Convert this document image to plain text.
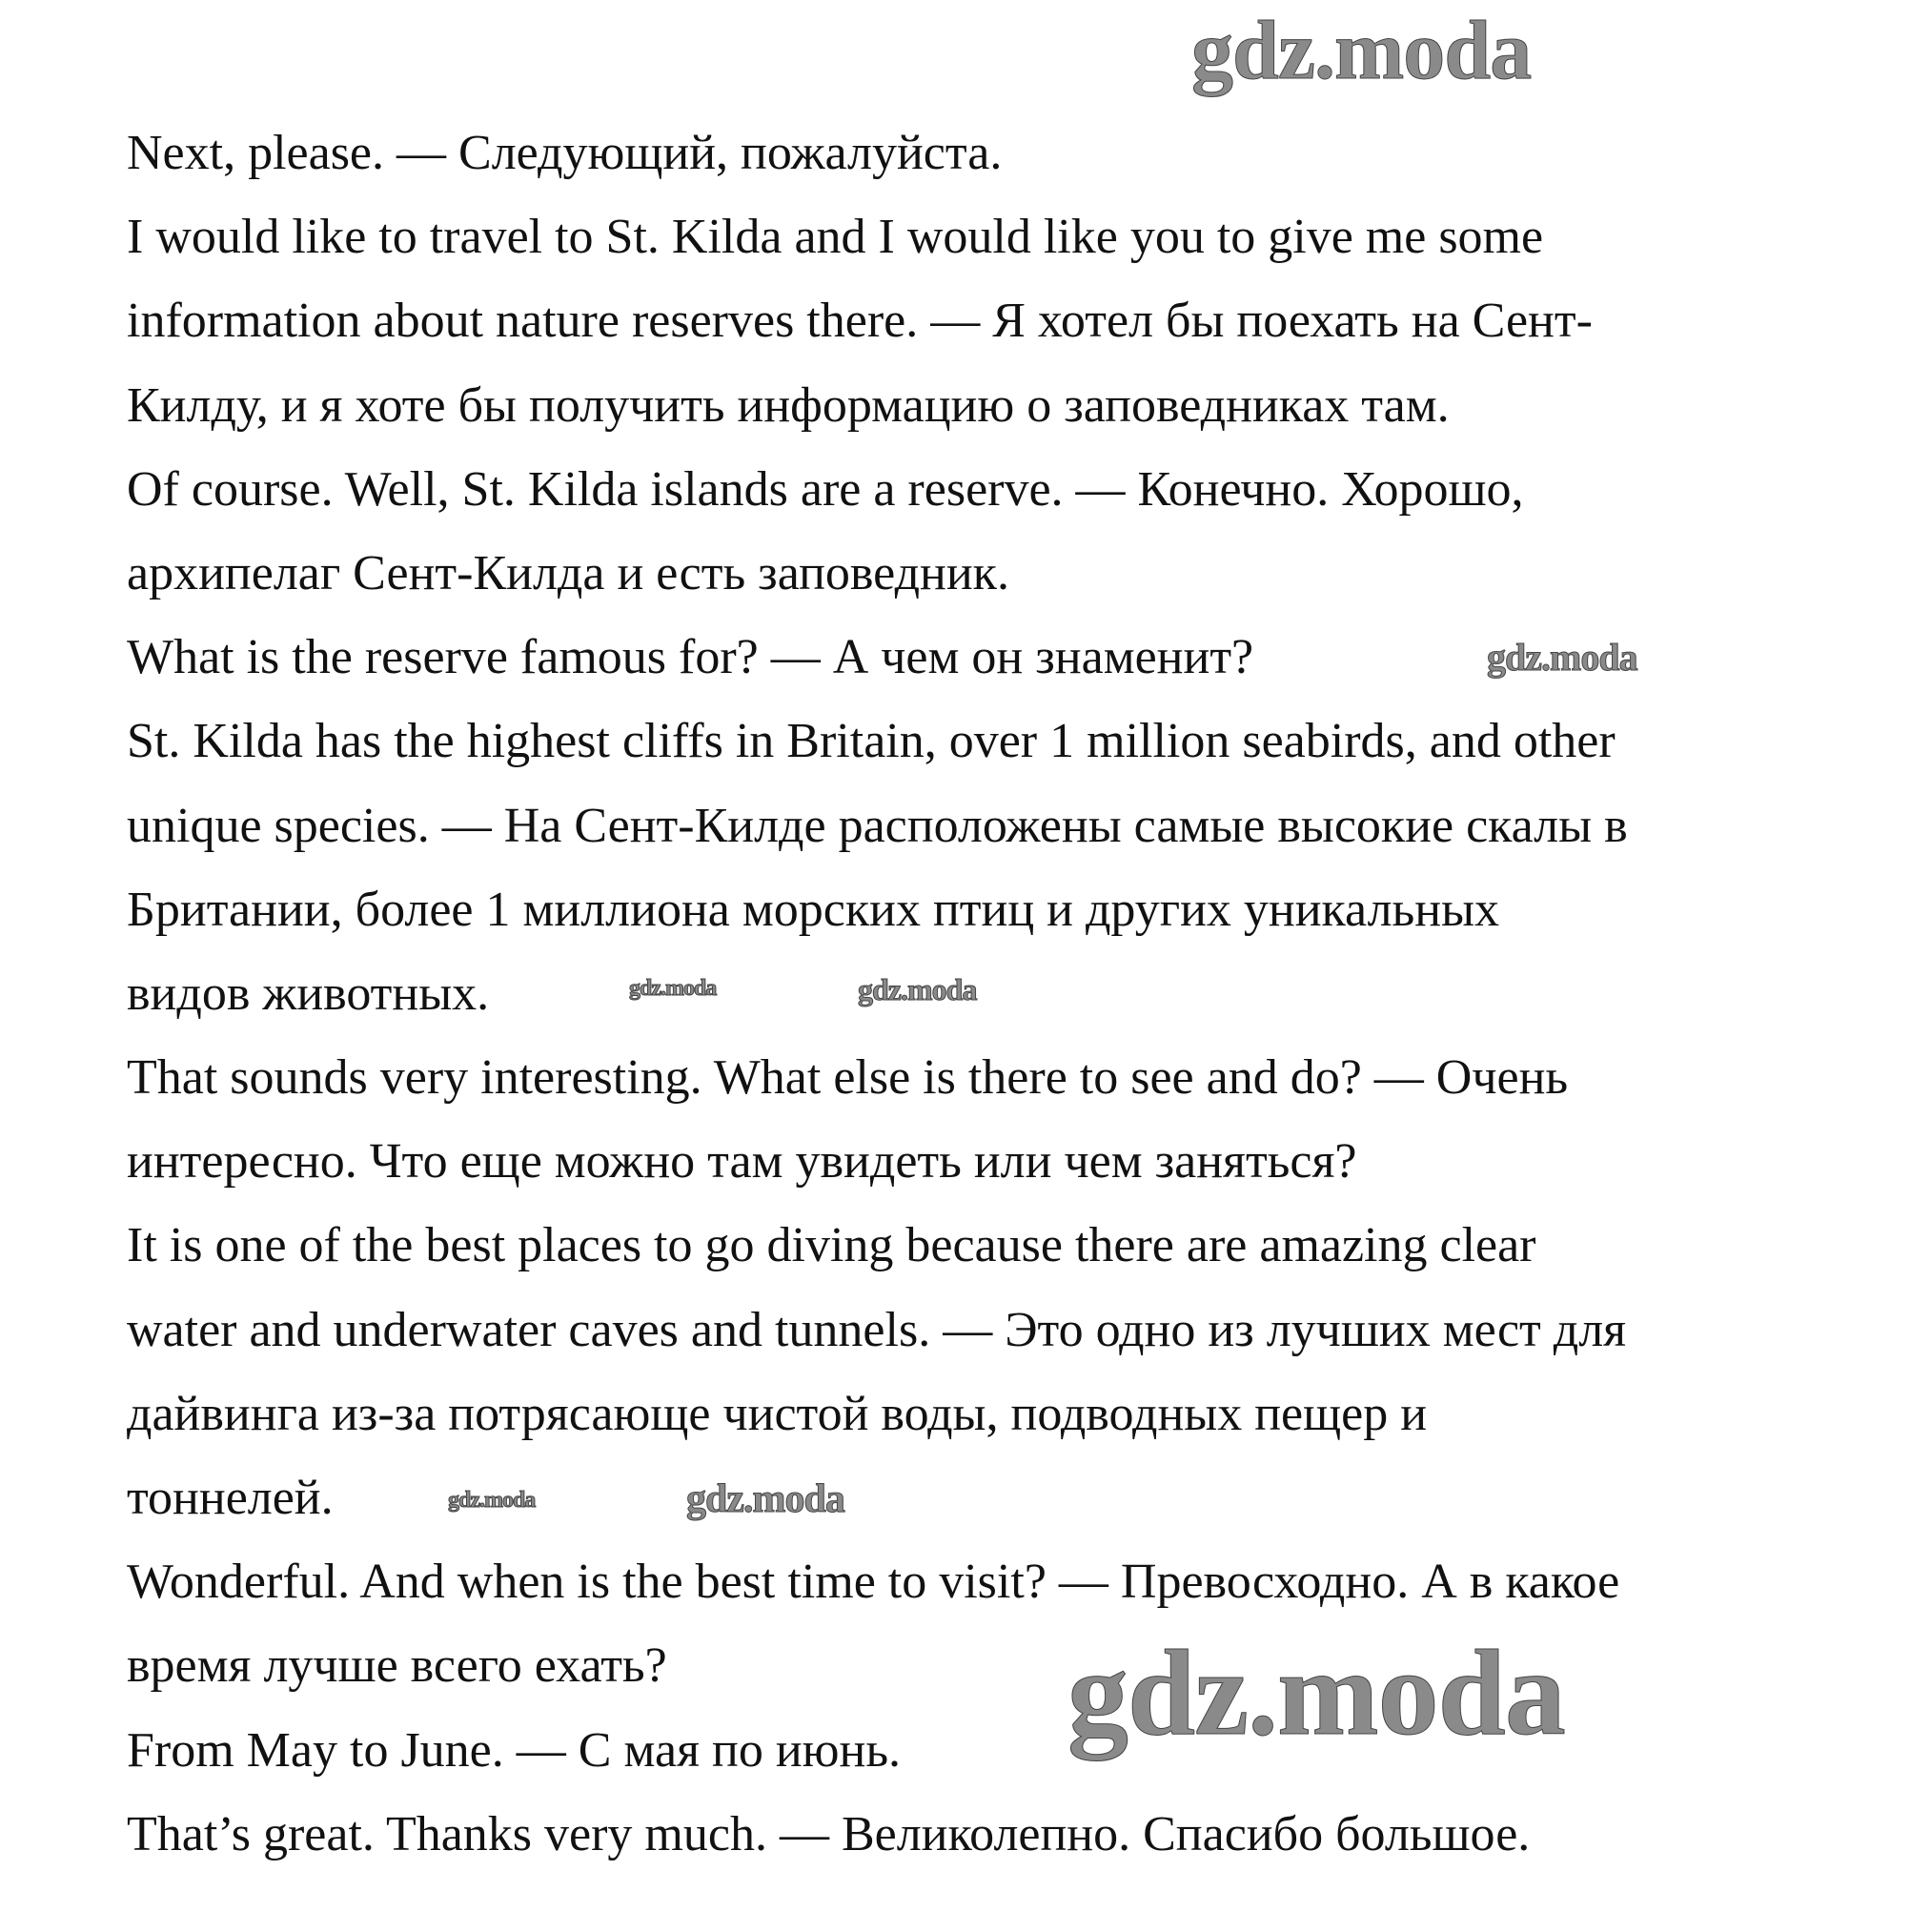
Next, please. — Следующий, пожалуйста.
I would like to travel to St. Kilda and I would like you to give me some
information about nature reserves there. — Я хотел бы поехать на Сент-
Килду, и я хоте бы получить информацию о заповедниках там.
Of course. Well, St. Kilda islands are a reserve. — Конечно. Хорошо,
архипелаг Сент-Килда и есть заповедник.
What is the reserve famous for? — А чем он знаменит?
St. Kilda has the highest cliffs in Britain, over 1 million seabirds, and other
unique species. — На Сент-Килде расположены самые высокие скалы в
Британии, более 1 миллиона морских птиц и других уникальных
видов животных.
That sounds very interesting. What else is there to see and do? — Очень
интересно. Что еще можно там увидеть или чем заняться?
It is one of the best places to go diving because there are amazing clear
water and underwater caves and tunnels. — Это одно из лучших мест для
дайвинга из-за потрясающе чистой воды, подводных пещер и
тоннелей.
Wonderful. And when is the best time to visit? — Превосходно. А в какое
время лучше всего ехать?
From May to June. — С мая по июнь.
That’s great. Thanks very much. — Великолепно. Спасибо большое.
gdz.moda	gdz.moda
gdz.moda
gdz.moda
gdz.moda	gdz.moda
gdz.moda
